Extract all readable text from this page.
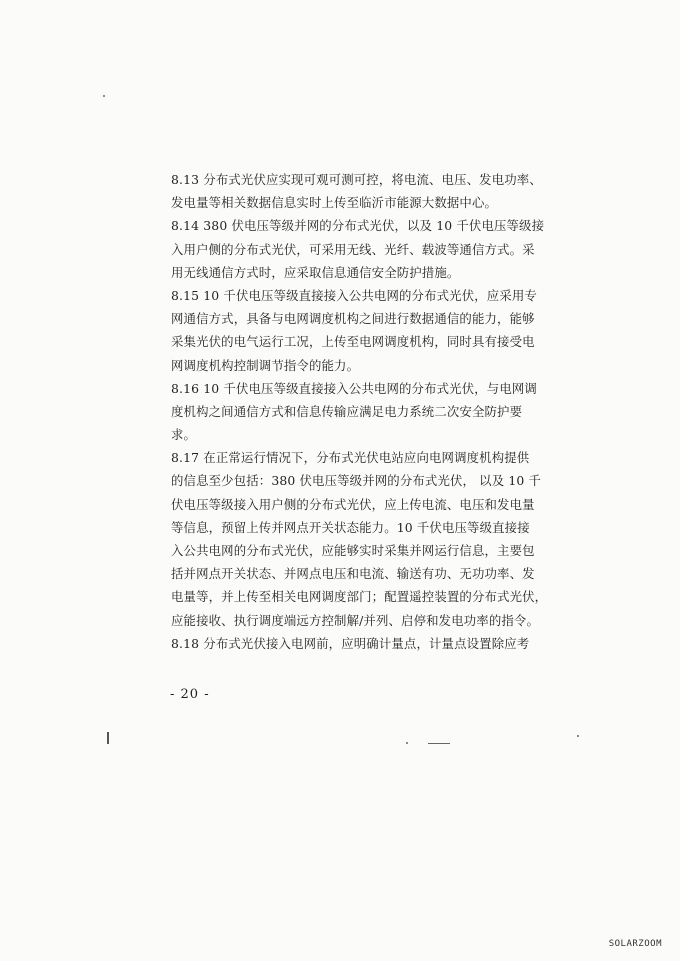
8.13 分布式光伏应实现可观可测可控，将电流、电压、发电功率、
发电量等相关数据信息实时上传至临沂市能源大数据中心。
8.14 380 伏电压等级并网的分布式光伏，以及 10 千伏电压等级接
入用户侧的分布式光伏，可采用无线、光纤、载波等通信方式。采
用无线通信方式时，应采取信息通信安全防护措施。
8.15 10 千伏电压等级直接接入公共电网的分布式光伏，应采用专
网通信方式，具备与电网调度机构之间进行数据通信的能力，能够
采集光伏的电气运行工况，上传至电网调度机构，同时具有接受电
网调度机构控制调节指令的能力。
8.16 10 千伏电压等级直接接入公共电网的分布式光伏，与电网调
度机构之间通信方式和信息传输应满足电力系统二次安全防护要
求。
8.17 在正常运行情况下，分布式光伏电站应向电网调度机构提供
的信息至少包括：380 伏电压等级并网的分布式光伏， 以及 10 千
伏电压等级接入用户侧的分布式光伏，应上传电流、电压和发电量
等信息，预留上传并网点开关状态能力。10 千伏电压等级直接接
入公共电网的分布式光伏，应能够实时采集并网运行信息，主要包
括并网点开关状态、并网点电压和电流、输送有功、无功功率、发
电量等，并上传至相关电网调度部门；配置遥控装置的分布式光伏，
应能接收、执行调度端远方控制解/并列、启停和发电功率的指令。
8.18 分布式光伏接入电网前，应明确计量点，计量点设置除应考
- 20 -
SOLARZOOM
